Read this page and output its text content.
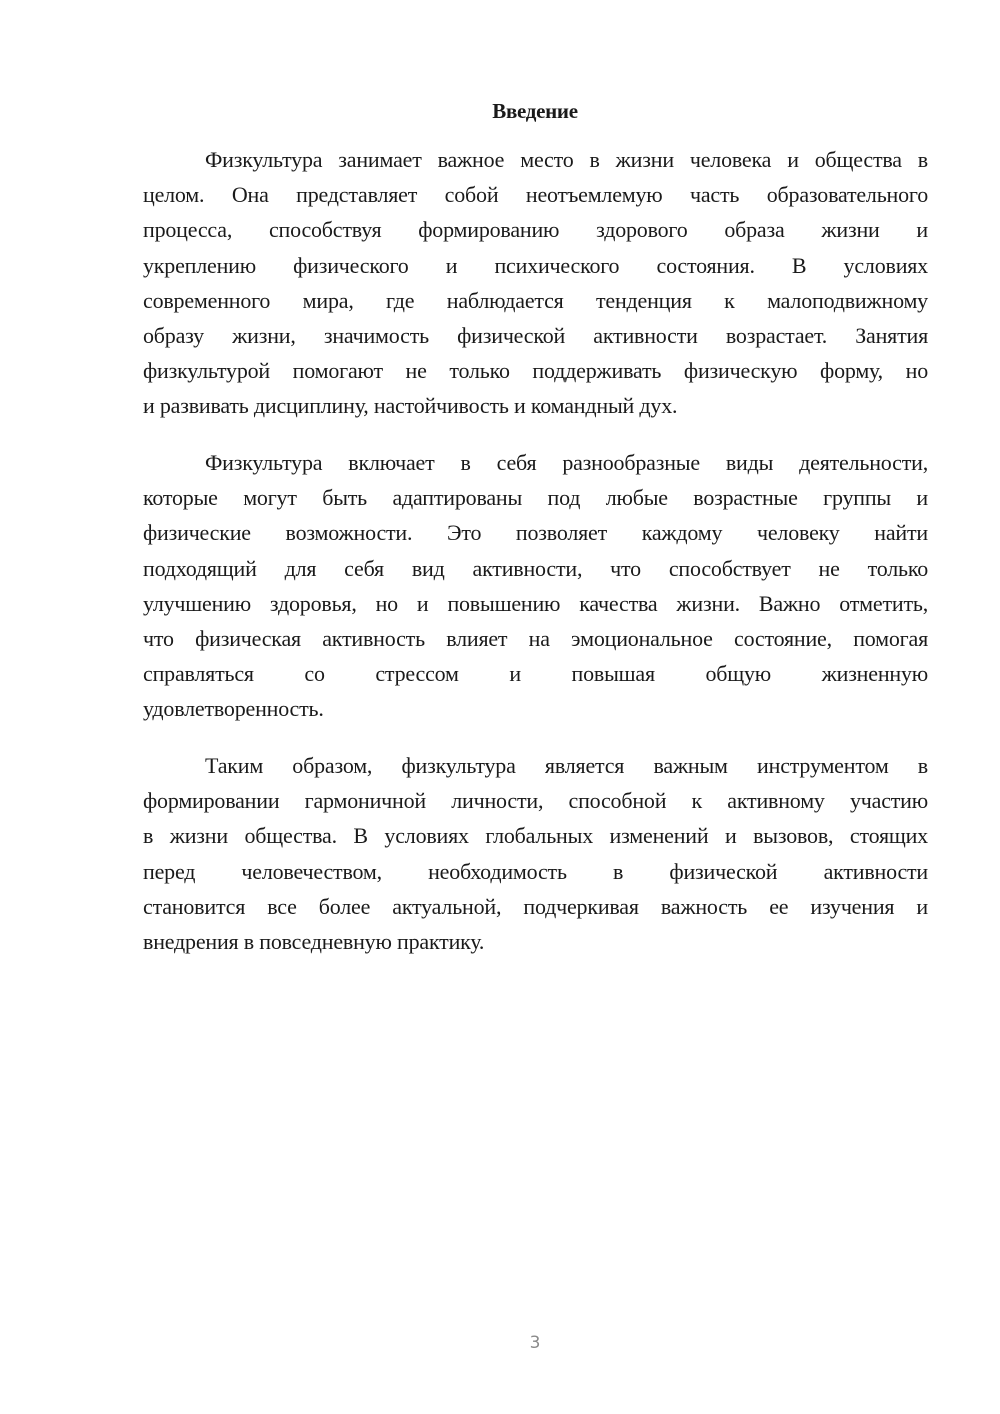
Введение
Физкультура занимает важное место в жизни человека и общества в
целом. Она представляет собой неотъемлемую часть образовательного
процесса, способствуя формированию здорового образа жизни и
укреплению физического и психического состояния. В условиях
современного мира, где наблюдается тенденция к малоподвижному
образу жизни, значимость физической активности возрастает. Занятия
физкультурой помогают не только поддерживать физическую форму, но
и развивать дисциплину, настойчивость и командный дух.
Физкультура включает в себя разнообразные виды деятельности,
которые могут быть адаптированы под любые возрастные группы и
физические возможности. Это позволяет каждому человеку найти
подходящий для себя вид активности, что способствует не только
улучшению здоровья, но и повышению качества жизни. Важно отметить,
что физическая активность влияет на эмоциональное состояние, помогая
справляться со стрессом и повышая общую жизненную
удовлетворенность.
Таким образом, физкультура является важным инструментом в
формировании гармоничной личности, способной к активному участию
в жизни общества. В условиях глобальных изменений и вызовов, стоящих
перед человечеством, необходимость в физической активности
становится все более актуальной, подчеркивая важность ее изучения и
внедрения в повседневную практику.
3
